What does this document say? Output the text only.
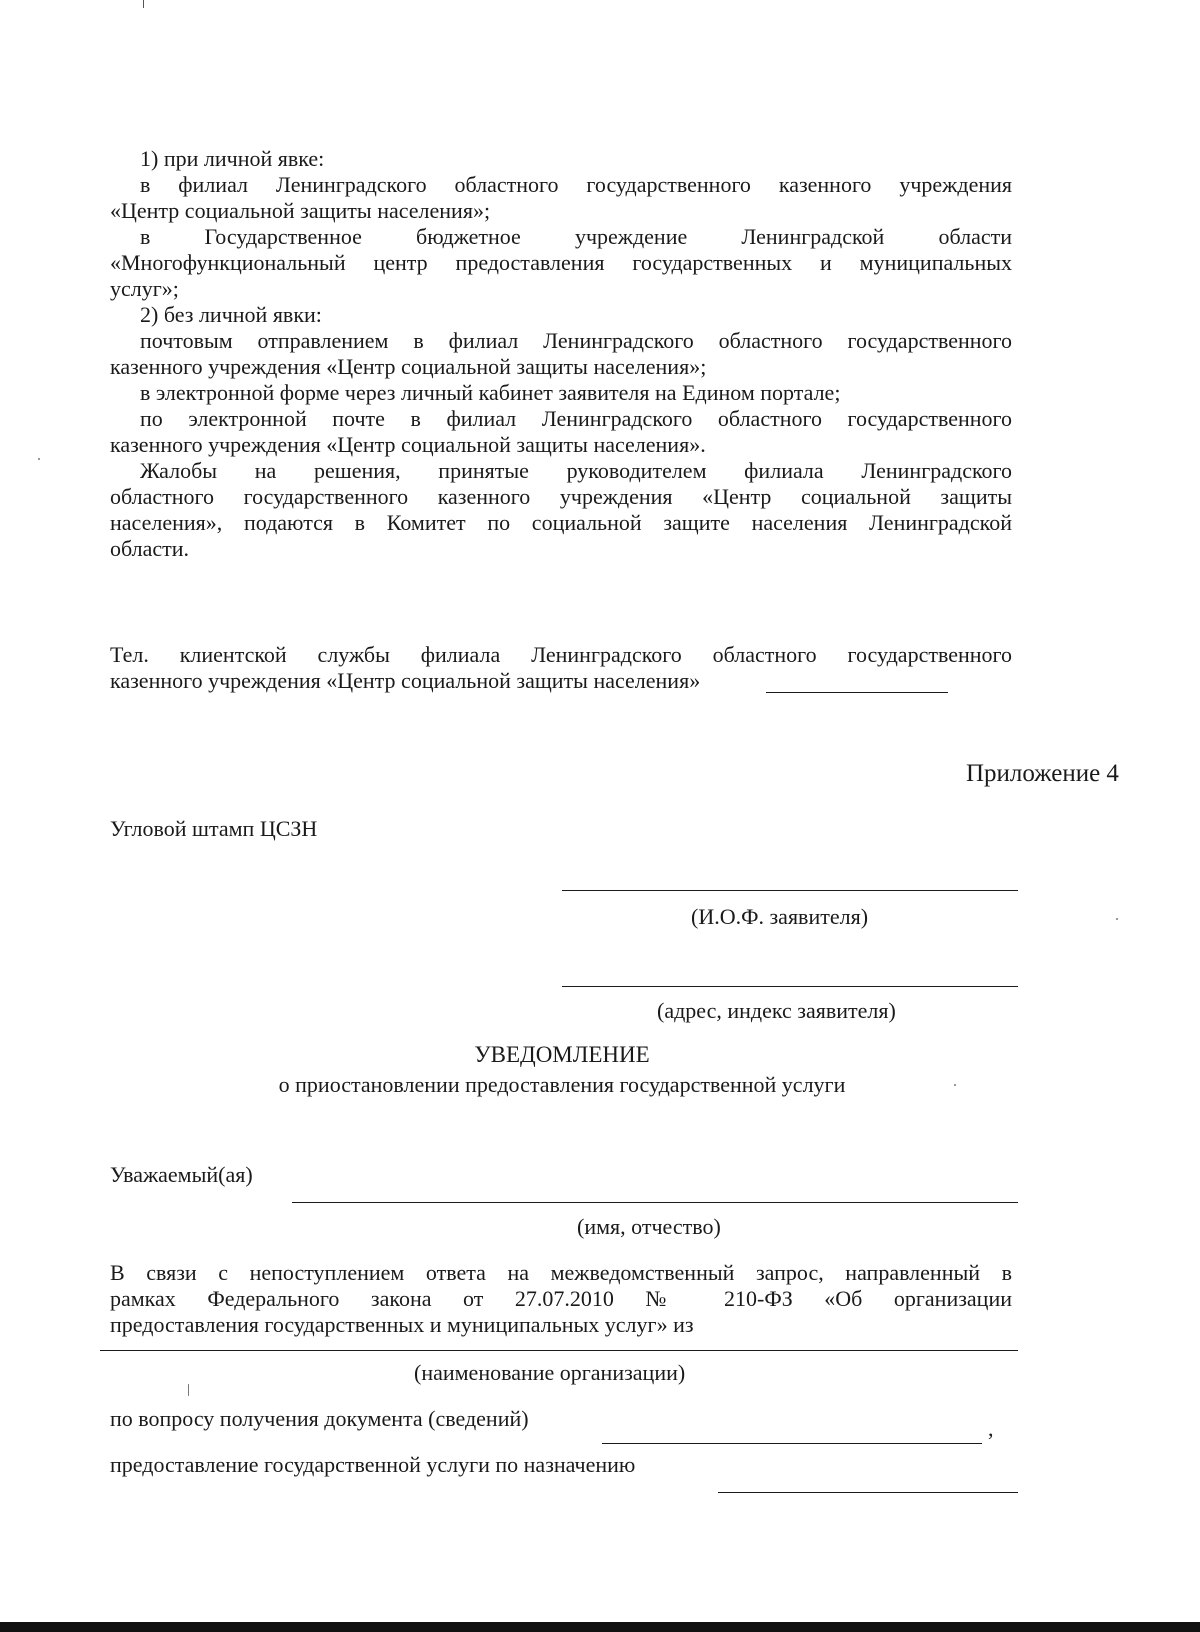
1) при личной явке:
в филиал Ленинградского областного государственного казенного учреждения
«Центр социальной защиты населения»;
в Государственное бюджетное учреждение Ленинградской области
«Многофункциональный центр предоставления государственных и муниципальных
услуг»;
2) без личной явки:
почтовым отправлением в филиал Ленинградского областного государственного
казенного учреждения «Центр социальной защиты населения»;
в электронной форме через личный кабинет заявителя на Едином портале;
по электронной почте в филиал Ленинградского областного государственного
казенного учреждения «Центр социальной защиты населения».
Жалобы на решения, принятые руководителем филиала Ленинградского
областного государственного казенного учреждения «Центр социальной защиты
населения», подаются в Комитет по социальной защите населения Ленинградской
области.
Тел. клиентской службы филиала Ленинградского областного государственного
казенного учреждения «Центр социальной защиты населения»
Приложение 4
Угловой штамп ЦСЗН
(И.О.Ф. заявителя)
(адрес, индекс заявителя)
УВЕДОМЛЕНИЕ
о приостановлении предоставления государственной услуги
Уважаемый(ая)
(имя, отчество)
В связи с непоступлением ответа на межведомственный запрос, направленный в
рамках Федерального закона от 27.07.2010 № 210-ФЗ «Об организации
предоставления государственных и муниципальных услуг» из
(наименование организации)
по вопросу получения документа (сведений)	,
предоставление государственной услуги по назначению
